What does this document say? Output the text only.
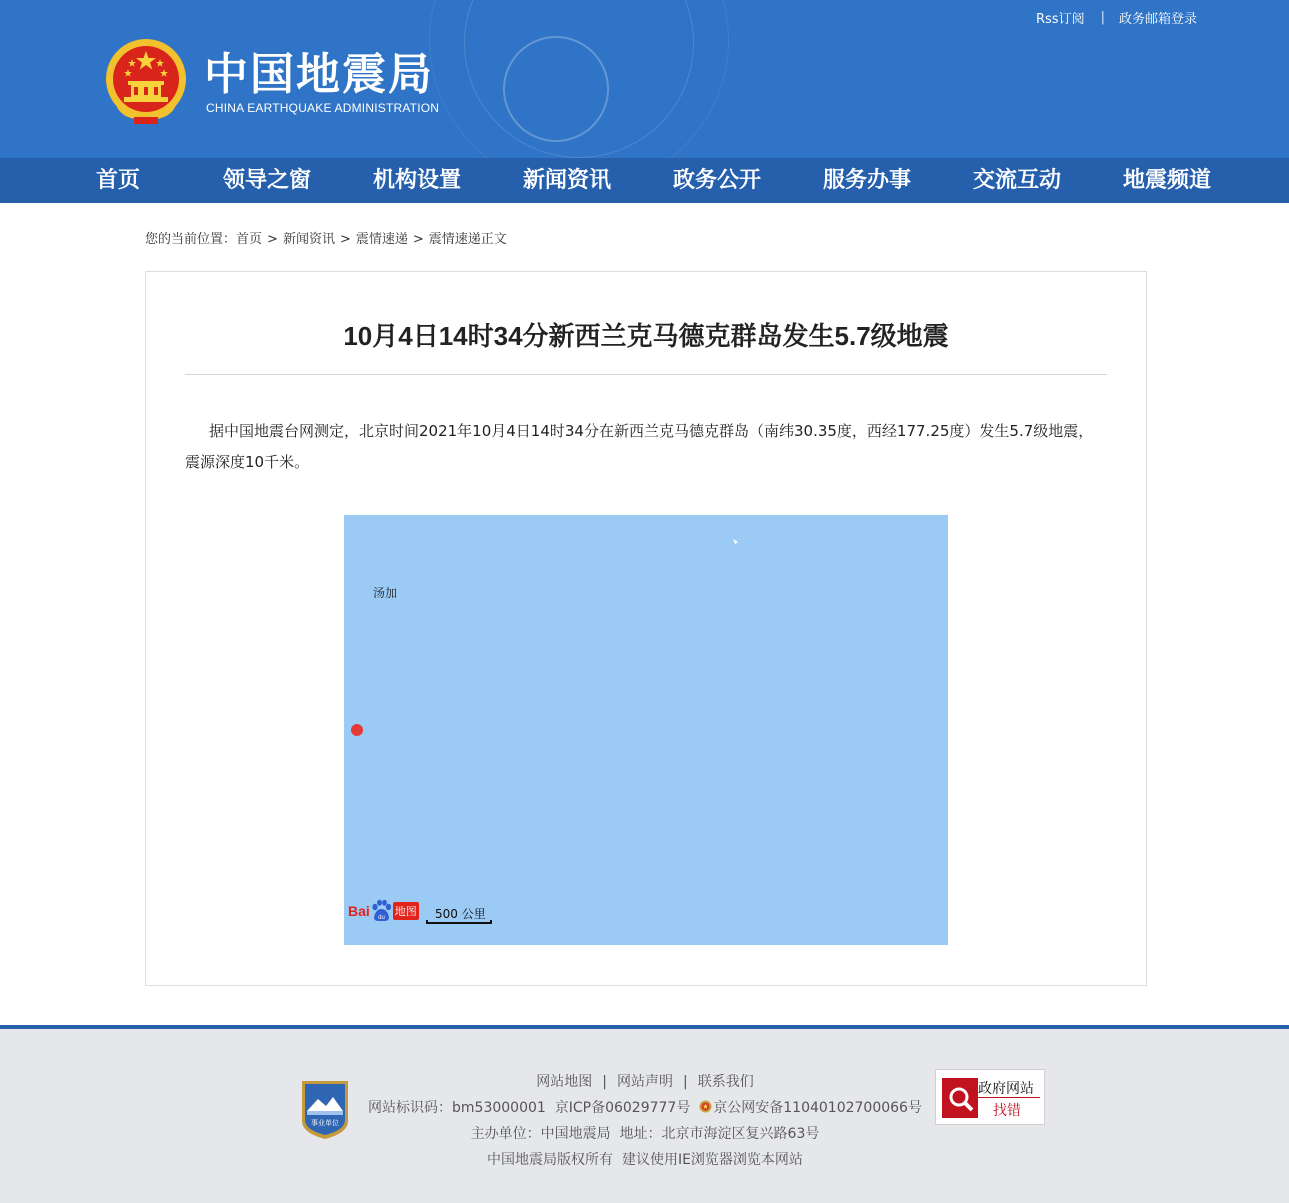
Rss订阅 | 政务邮箱登录
中国地震局
CHINA EARTHQUAKE ADMINISTRATION
首页	领导之窗	机构设置	新闻资讯	政务公开	服务办事	交流互动	地震频道
您的当前位置：首页 > 新闻资讯 > 震情速递 > 震情速递正文
10月4日14时34分新西兰克马德克群岛发生5.7级地震

据中国地震台网测定，北京时间2021年10月4日14时34分在新西兰克马德克群岛（南纬30.35度，西经177.25度）发生5.7级地震，震源深度10千米。

汤加
Bai du 地图 500 公里
事业单位
网站地图 | 网站声明 | 联系我们
网站标识码：bm53000001 京ICP备06029777号 京公网安备11040102700066号
主办单位：中国地震局 地址：北京市海淀区复兴路63号
中国地震局版权所有 建议使用IE浏览器浏览本网站
政府网站
找错
